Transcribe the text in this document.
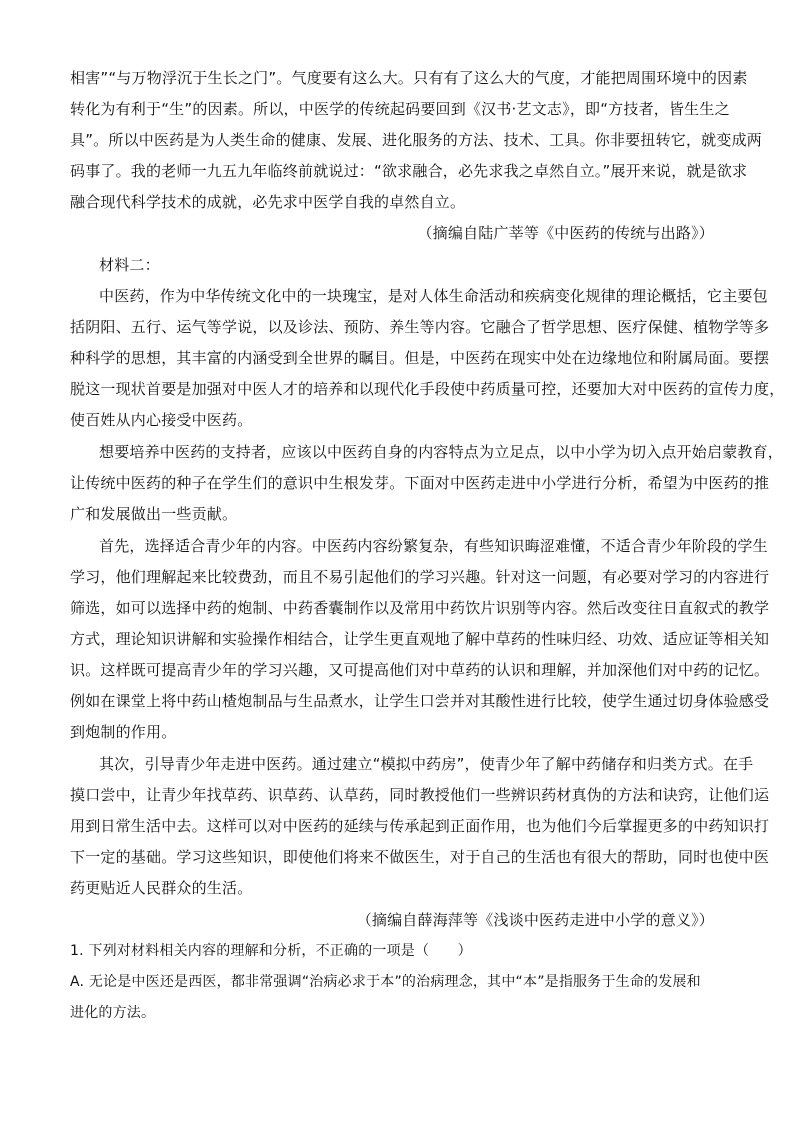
相害”“与万物浮沉于生长之门”。气度要有这么大。只有有了这么大的气度，才能把周围环境中的因素
转化为有利于“生”的因素。所以，中医学的传统起码要回到《汉书·艺文志》，即“方技者，皆生生之
具”。所以中医药是为人类生命的健康、发展、进化服务的方法、技术、工具。你非要扭转它，就变成两
码事了。我的老师一九五九年临终前就说过：“欲求融合，必先求我之卓然自立。”展开来说，就是欲求
融合现代科学技术的成就，必先求中医学自我的卓然自立。
（摘编自陆广莘等《中医药的传统与出路》）
材料二：
中医药，作为中华传统文化中的一块瑰宝，是对人体生命活动和疾病变化规律的理论概括，它主要包
括阴阳、五行、运气等学说，以及诊法、预防、养生等内容。它融合了哲学思想、医疗保健、植物学等多
种科学的思想，其丰富的内涵受到全世界的瞩目。但是，中医药在现实中处在边缘地位和附属局面。要摆
脱这一现状首要是加强对中医人才的培养和以现代化手段使中药质量可控，还要加大对中医药的宣传力度，
使百姓从内心接受中医药。
想要培养中医药的支持者，应该以中医药自身的内容特点为立足点，以中小学为切入点开始启蒙教育，
让传统中医药的种子在学生们的意识中生根发芽。下面对中医药走进中小学进行分析，希望为中医药的推
广和发展做出一些贡献。
首先，选择适合青少年的内容。中医药内容纷繁复杂，有些知识晦涩难懂，不适合青少年阶段的学生
学习，他们理解起来比较费劲，而且不易引起他们的学习兴趣。针对这一问题，有必要对学习的内容进行
筛选，如可以选择中药的炮制、中药香囊制作以及常用中药饮片识别等内容。然后改变往日直叙式的教学
方式，理论知识讲解和实验操作相结合，让学生更直观地了解中草药的性味归经、功效、适应证等相关知
识。这样既可提高青少年的学习兴趣，又可提高他们对中草药的认识和理解，并加深他们对中药的记忆。
例如在课堂上将中药山楂炮制品与生品煮水，让学生口尝并对其酸性进行比较，使学生通过切身体验感受
到炮制的作用。
其次，引导青少年走进中医药。通过建立“模拟中药房”，使青少年了解中药储存和归类方式。在手
摸口尝中，让青少年找草药、识草药、认草药，同时教授他们一些辨识药材真伪的方法和诀窍，让他们运
用到日常生活中去。这样可以对中医药的延续与传承起到正面作用，也为他们今后掌握更多的中药知识打
下一定的基础。学习这些知识，即使他们将来不做医生，对于自己的生活也有很大的帮助，同时也使中医
药更贴近人民群众的生活。
（摘编自薛海萍等《浅谈中医药走进中小学的意义》）
1. 下列对材料相关内容的理解和分析，不正确的一项是（　　）
A. 无论是中医还是西医，都非常强调“治病必求于本”的治病理念，其中“本”是指服务于生命的发展和
进化的方法。
